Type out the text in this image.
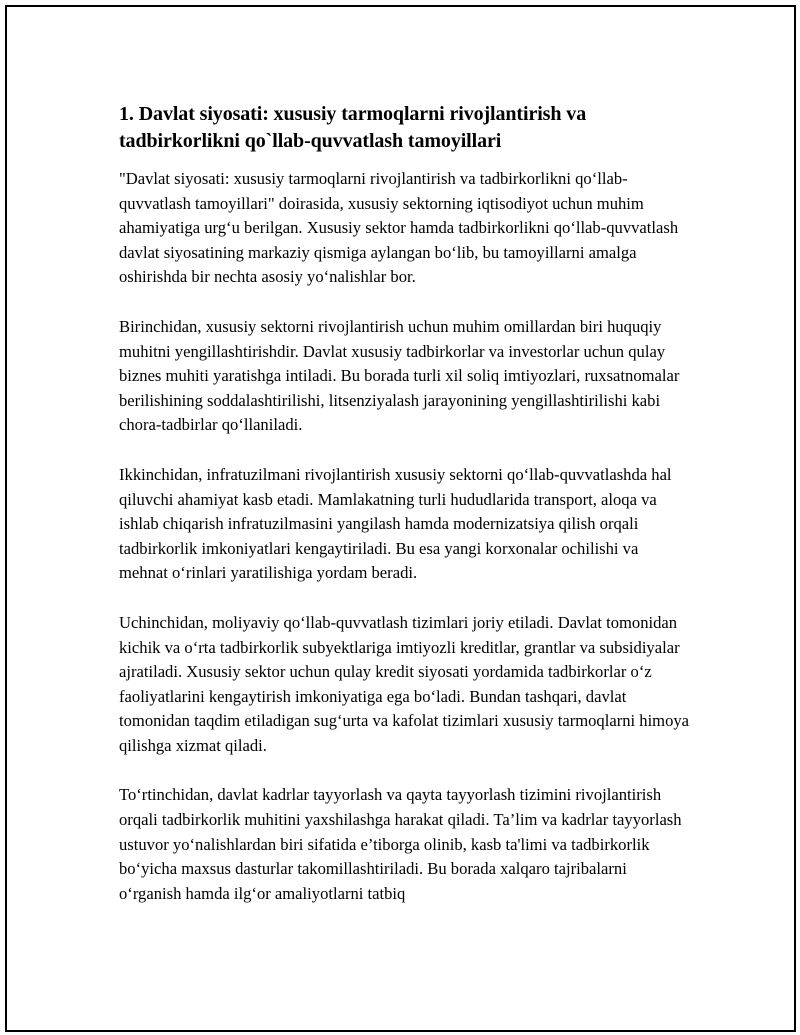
1. Davlat siyosati: xususiy tarmoqlarni rivojlantirish va tadbirkorlikni qo`llab-quvvatlash tamoyillari

"Davlat siyosati: xususiy tarmoqlarni rivojlantirish va tadbirkorlikni qo‘llab-quvvatlash tamoyillari" doirasida, xususiy sektorning iqtisodiyot uchun muhim ahamiyatiga urg‘u berilgan. Xususiy sektor hamda tadbirkorlikni qo‘llab-quvvatlash davlat siyosatining markaziy qismiga aylangan bo‘lib, bu tamoyillarni amalga oshirishda bir nechta asosiy yo‘nalishlar bor.

Birinchidan, xususiy sektorni rivojlantirish uchun muhim omillardan biri huquqiy muhitni yengillashtirishdir. Davlat xususiy tadbirkorlar va investorlar uchun qulay biznes muhiti yaratishga intiladi. Bu borada turli xil soliq imtiyozlari, ruxsatnomalar berilishining soddalashtirilishi, litsenziyalash jarayonining yengillashtirilishi kabi chora-tadbirlar qo‘llaniladi.

Ikkinchidan, infratuzilmani rivojlantirish xususiy sektorni qo‘llab-quvvatlashda hal qiluvchi ahamiyat kasb etadi. Mamlakatning turli hududlarida transport, aloqa va ishlab chiqarish infratuzilmasini yangilash hamda modernizatsiya qilish orqali tadbirkorlik imkoniyatlari kengaytiriladi. Bu esa yangi korxonalar ochilishi va mehnat o‘rinlari yaratilishiga yordam beradi.

Uchinchidan, moliyaviy qo‘llab-quvvatlash tizimlari joriy etiladi. Davlat tomonidan kichik va o‘rta tadbirkorlik subyektlariga imtiyozli kreditlar, grantlar va subsidiyalar ajratiladi. Xususiy sektor uchun qulay kredit siyosati yordamida tadbirkorlar o‘z faoliyatlarini kengaytirish imkoniyatiga ega bo‘ladi. Bundan tashqari, davlat tomonidan taqdim etiladigan sug‘urta va kafolat tizimlari xususiy tarmoqlarni himoya qilishga xizmat qiladi.

To‘rtinchidan, davlat kadrlar tayyorlash va qayta tayyorlash tizimini rivojlantirish orqali tadbirkorlik muhitini yaxshilashga harakat qiladi. Ta’lim va kadrlar tayyorlash ustuvor yo‘nalishlardan biri sifatida e’tiborga olinib, kasb ta'limi va tadbirkorlik bo‘yicha maxsus dasturlar takomillashtiriladi. Bu borada xalqaro tajribalarni o‘rganish hamda ilg‘or amaliyotlarni tatbiq
